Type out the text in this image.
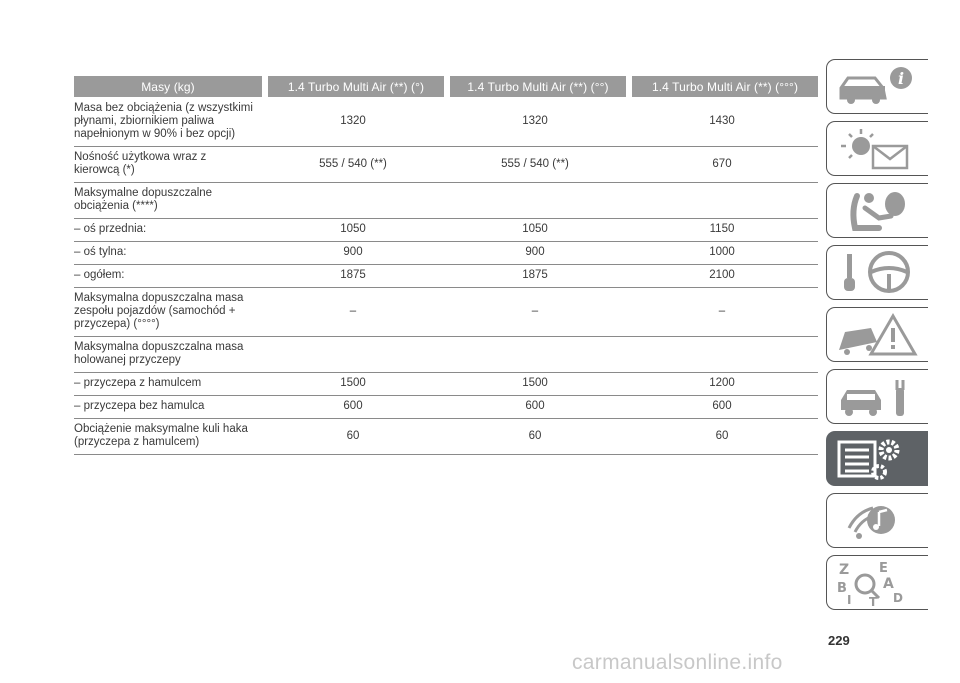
Masy (kg)	1.4 Turbo Multi Air (**) (°)	1.4 Turbo Multi Air (**) (°°)	1.4 Turbo Multi Air (**) (°°°)
Masa bez obciążenia (z wszystkimi
płynami, zbiornikiem paliwa
napełnionym w 90% i bez opcji)	1320	1320	1430
Nośność użytkowa wraz z
kierowcą (*)	555 / 540 (**)	555 / 540 (**)	670
Maksymalne dopuszczalne
obciążenia (****)			
– oś przednia:	1050	1050	1150
– oś tylna:	900	900	1000
– ogółem:	1875	1875	2100
Maksymalna dopuszczalna masa
zespołu pojazdów (samochód +
przyczepa) (°°°°)	–	–	–
Maksymalna dopuszczalna masa
holowanej przyczepy			
– przyczepa z hamulcem	1500	1500	1200
– przyczepa bez hamulca	600	600	600
Obciążenie maksymalne kuli haka
(przyczepa z hamulcem)	60	60	60
i
Z E
A
B
I	D
T
229
carmanualsonline.info
